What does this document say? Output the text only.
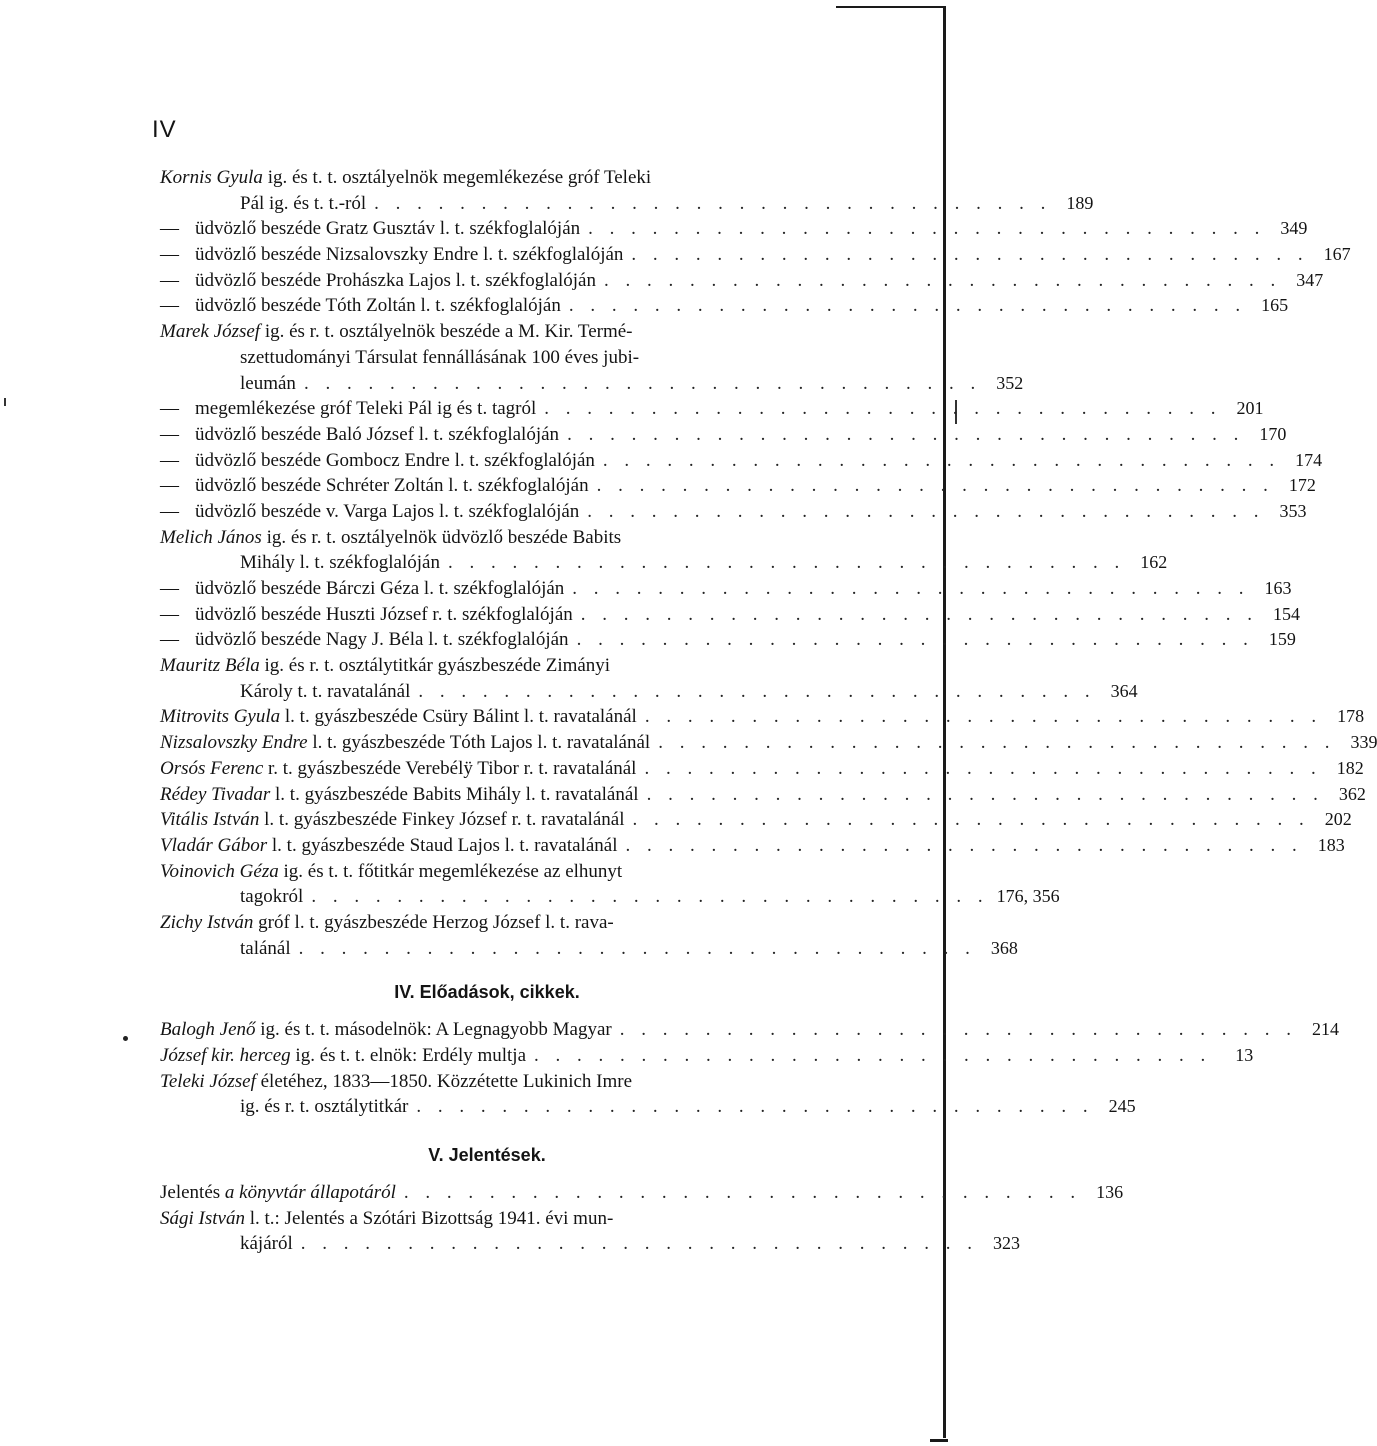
IV
Kornis Gyula ig. és t. t. osztályelnök megemlékezése gróf Teleki
Pál ig. és t. t.-ról . . . . . . . . . . . . . . . . . . . . . . . . . . . . . . . . 189
— üdvözlő beszéde Gratz Gusztáv l. t. székfoglalóján . . . . . . . . . . . . . . . . . . . . . . . . . . . . . . . . 349
— üdvözlő beszéde Nizsalovszky Endre l. t. székfoglalóján . . . . . . . . . . . . . . . . . . . . . . . . . . . . . . . . 167
— üdvözlő beszéde Prohászka Lajos l. t. székfoglalóján . . . . . . . . . . . . . . . . . . . . . . . . . . . . . . . . 347
— üdvözlő beszéde Tóth Zoltán l. t. székfoglalóján . . . . . . . . . . . . . . . . . . . . . . . . . . . . . . . . 165
Marek József ig. és r. t. osztályelnök beszéde a M. Kir. Termé-
szettudományi Társulat fennállásának 100 éves jubi-
leumán . . . . . . . . . . . . . . . . . . . . . . . . . . . . . . . . 352
— megemlékezése gróf Teleki Pál ig és t. tagról . . . . . . . . . . . . . . . . . . . . . . . . . . . . . . . . 201
— üdvözlő beszéde Baló József l. t. székfoglalóján . . . . . . . . . . . . . . . . . . . . . . . . . . . . . . . . 170
— üdvözlő beszéde Gombocz Endre l. t. székfoglalóján . . . . . . . . . . . . . . . . . . . . . . . . . . . . . . . . 174
— üdvözlő beszéde Schréter Zoltán l. t. székfoglalóján . . . . . . . . . . . . . . . . . . . . . . . . . . . . . . . . 172
— üdvözlő beszéde v. Varga Lajos l. t. székfoglalóján . . . . . . . . . . . . . . . . . . . . . . . . . . . . . . . . 353
Melich János ig. és r. t. osztályelnök üdvözlő beszéde Babits
Mihály l. t. székfoglalóján . . . . . . . . . . . . . . . . . . . . . . . . . . . . . . . . 162
— üdvözlő beszéde Bárczi Géza l. t. székfoglalóján . . . . . . . . . . . . . . . . . . . . . . . . . . . . . . . . 163
— üdvözlő beszéde Huszti József r. t. székfoglalóján . . . . . . . . . . . . . . . . . . . . . . . . . . . . . . . . 154
— üdvözlő beszéde Nagy J. Béla l. t. székfoglalóján . . . . . . . . . . . . . . . . . . . . . . . . . . . . . . . . 159
Mauritz Béla ig. és r. t. osztálytitkár gyászbeszéde Zimányi
Károly t. t. ravatalánál . . . . . . . . . . . . . . . . . . . . . . . . . . . . . . . . 364
Mitrovits Gyula l. t. gyászbeszéde Csüry Bálint l. t. ravatalánál . . . . . . . . . . . . . . . . . . . . . . . . . . . . . . . . 178
Nizsalovszky Endre l. t. gyászbeszéde Tóth Lajos l. t. ravatalánál . . . . . . . . . . . . . . . . . . . . . . . . . . . . . . . . 339
Orsós Ferenc r. t. gyászbeszéde Verebélÿ Tibor r. t. ravatalánál . . . . . . . . . . . . . . . . . . . . . . . . . . . . . . . . 182
Rédey Tivadar l. t. gyászbeszéde Babits Mihály l. t. ravatalánál . . . . . . . . . . . . . . . . . . . . . . . . . . . . . . . . 362
Vitális István l. t. gyászbeszéde Finkey József r. t. ravatalánál . . . . . . . . . . . . . . . . . . . . . . . . . . . . . . . . 202
Vladár Gábor l. t. gyászbeszéde Staud Lajos l. t. ravatalánál . . . . . . . . . . . . . . . . . . . . . . . . . . . . . . . . 183
Voinovich Géza ig. és t. t. főtitkár megemlékezése az elhunyt
tagokról . . . . . . . . . . . . . . . . . . . . . . . . . . . . . . . . 176, 356
Zichy István gróf l. t. gyászbeszéde Herzog József l. t. rava-
talánál . . . . . . . . . . . . . . . . . . . . . . . . . . . . . . . . 368
IV. Előadások, cikkek.
Balogh Jenő ig. és t. t. másodelnök: A Legnagyobb Magyar . . . . . . . . . . . . . . . . . . . . . . . . . . . . . . . . 214
József kir. herceg ig. és t. t. elnök: Erdély multja . . . . . . . . . . . . . . . . . . . . . . . . . . . . . . . .	13
Teleki József életéhez, 1833—1850. Közzétette Lukinich Imre
ig. és r. t. osztálytitkár . . . . . . . . . . . . . . . . . . . . . . . . . . . . . . . . 245
V. Jelentések.
Jelentés a könyvtár állapotáról . . . . . . . . . . . . . . . . . . . . . . . . . . . . . . . . 136
Sági István l. t.: Jelentés a Szótári Bizottság 1941. évi mun-
kájáról . . . . . . . . . . . . . . . . . . . . . . . . . . . . . . . . 323
